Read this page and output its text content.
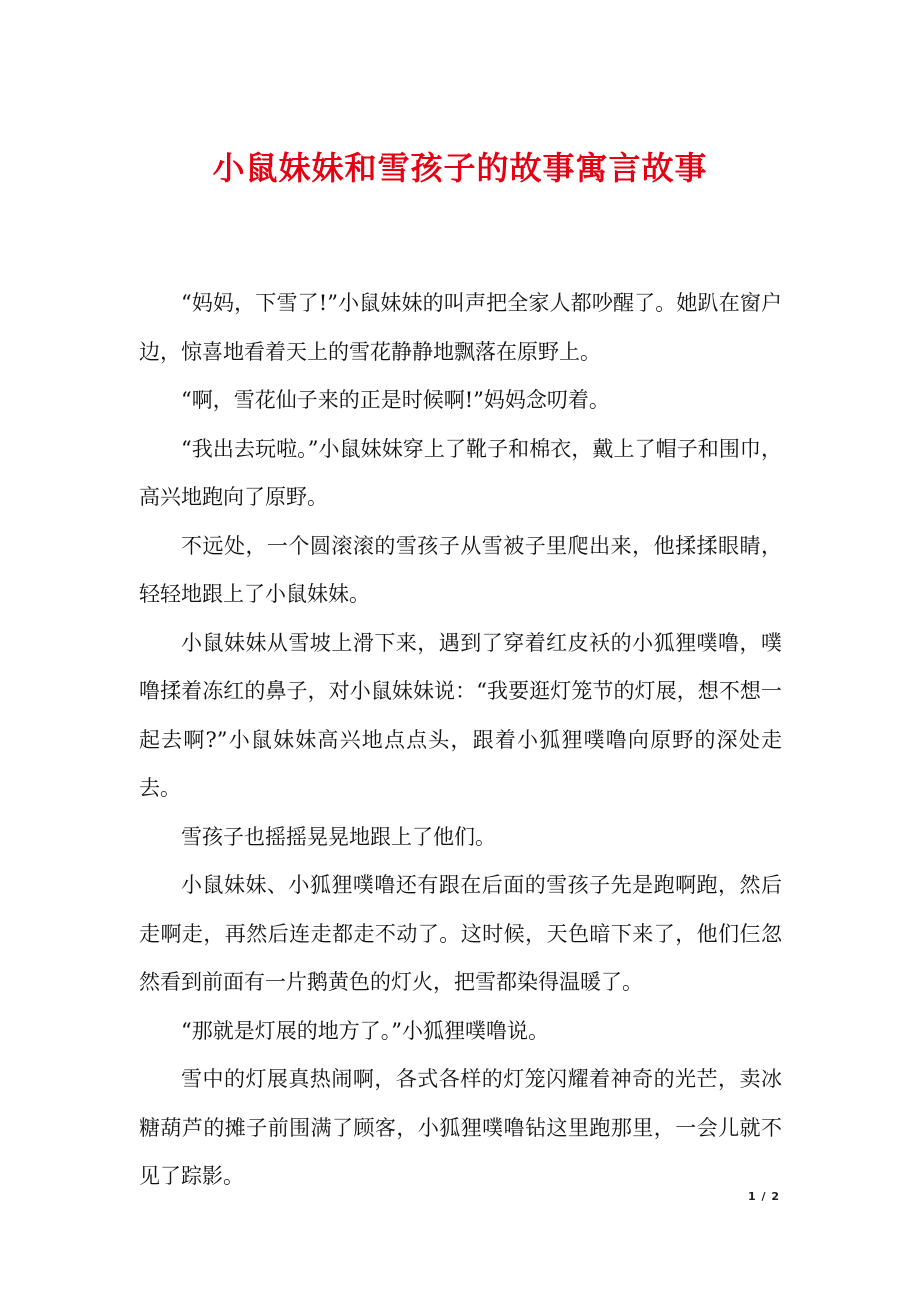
小鼠妹妹和雪孩子的故事寓言故事

“妈妈，下雪了!”小鼠妹妹的叫声把全家人都吵醒了。她趴在窗户边，惊喜地看着天上的雪花静静地飘落在原野上。

“啊，雪花仙子来的正是时候啊!”妈妈念叨着。

“我出去玩啦。”小鼠妹妹穿上了靴子和棉衣，戴上了帽子和围巾，高兴地跑向了原野。

不远处，一个圆滚滚的雪孩子从雪被子里爬出来，他揉揉眼睛，轻轻地跟上了小鼠妹妹。

小鼠妹妹从雪坡上滑下来，遇到了穿着红皮袄的小狐狸噗噜，噗噜揉着冻红的鼻子，对小鼠妹妹说：“我要逛灯笼节的灯展，想不想一起去啊?”小鼠妹妹高兴地点点头，跟着小狐狸噗噜向原野的深处走去。

雪孩子也摇摇晃晃地跟上了他们。

小鼠妹妹、小狐狸噗噜还有跟在后面的雪孩子先是跑啊跑，然后走啊走，再然后连走都走不动了。这时候，天色暗下来了，他们仨忽然看到前面有一片鹅黄色的灯火，把雪都染得温暖了。

“那就是灯展的地方了。”小狐狸噗噜说。

雪中的灯展真热闹啊，各式各样的灯笼闪耀着神奇的光芒，卖冰糖葫芦的摊子前围满了顾客，小狐狸噗噜钻这里跑那里，一会儿就不见了踪影。

1 / 2
